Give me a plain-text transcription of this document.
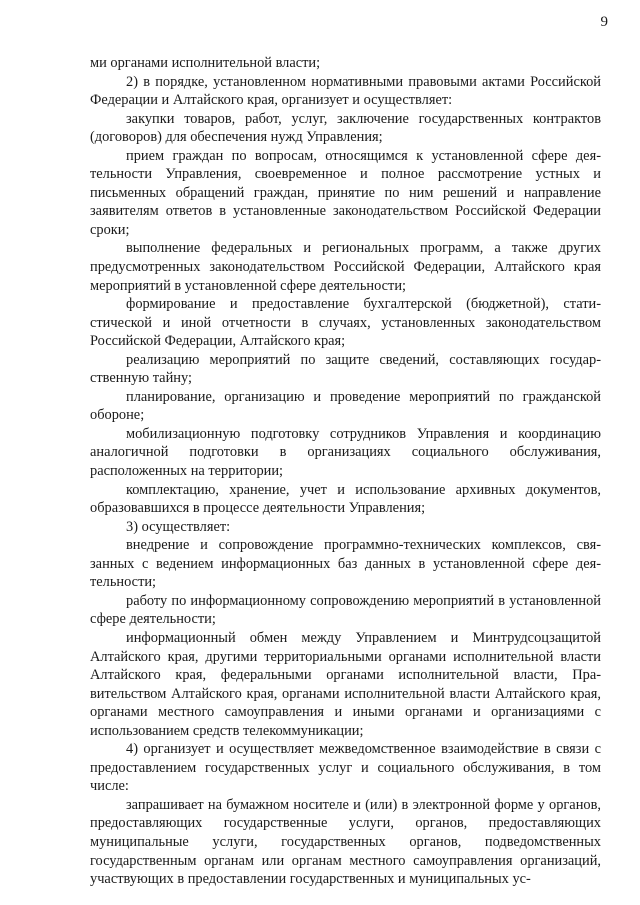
9

ми органами исполнительной власти;

2) в порядке, установленном нормативными правовыми актами Российской Федерации и Алтайского края, организует и осуществляет:

закупки товаров, работ, услуг, заключение государственных контрактов (договоров) для обеспечения нужд Управления;

прием граждан по вопросам, относящимся к установленной сфере деятельности Управления, своевременное и полное рассмотрение устных и письменных обращений граждан, принятие по ним решений и направление заявителям ответов в установленные законодательством Российской Федерации сроки;

выполнение федеральных и региональных программ, а также других предусмотренных законодательством Российской Федерации, Алтайского края мероприятий в установленной сфере деятельности;

формирование и предоставление бухгалтерской (бюджетной), статистической и иной отчетности в случаях, установленных законодательством Российской Федерации, Алтайского края;

реализацию мероприятий по защите сведений, составляющих государственную тайну;

планирование, организацию и проведение мероприятий по гражданской обороне;

мобилизационную подготовку сотрудников Управления и координацию аналогичной подготовки в организациях социального обслуживания, расположенных на территории;

комплектацию, хранение, учет и использование архивных документов, образовавшихся в процессе деятельности Управления;

3) осуществляет:

внедрение и сопровождение программно-технических комплексов, связанных с ведением информационных баз данных в установленной сфере деятельности;

работу по информационному сопровождению мероприятий в установленной сфере деятельности;

информационный обмен между Управлением и Минтрудсоцзащитой Алтайского края, другими территориальными органами исполнительной власти Алтайского края, федеральными органами исполнительной власти, Правительством Алтайского края, органами исполнительной власти Алтайского края, органами местного самоуправления и иными органами и организациями с использованием средств телекоммуникации;

4) организует и осуществляет межведомственное взаимодействие в связи с предоставлением государственных услуг и социального обслуживания, в том числе:

запрашивает на бумажном носителе и (или) в электронной форме у органов, предоставляющих государственные услуги, органов, предоставляющих муниципальные услуги, государственных органов, подведомственных государственным органам или органам местного самоуправления организаций, участвующих в предоставлении государственных и муниципальных ус-
